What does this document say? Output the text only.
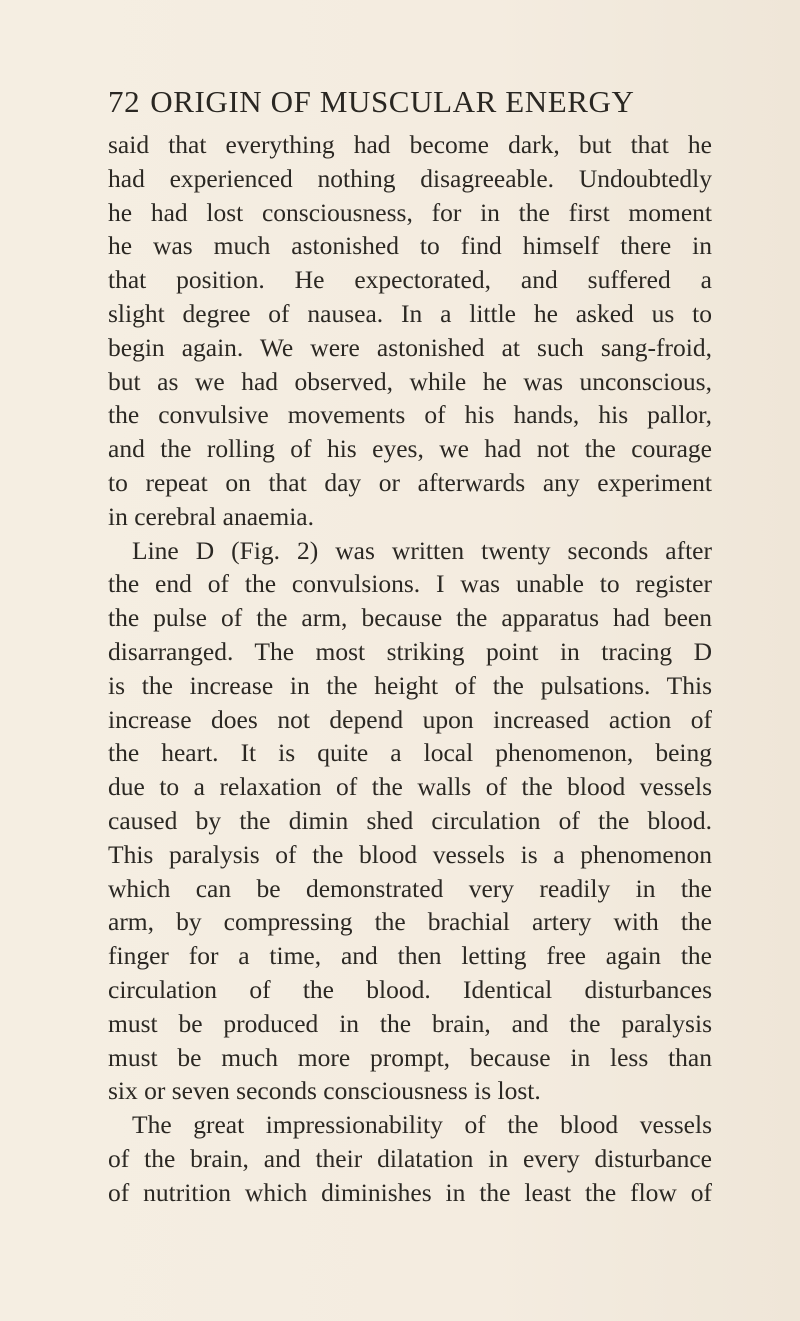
72 ORIGIN OF MUSCULAR ENERGY
said that everything had become dark, but that he
had experienced nothing disagreeable. Undoubtedly
he had lost consciousness, for in the first moment
he was much astonished to find himself there in
that position. He expectorated, and suffered a
slight degree of nausea. In a little he asked us to
begin again. We were astonished at such sang-froid,
but as we had observed, while he was unconscious,
the convulsive movements of his hands, his pallor,
and the rolling of his eyes, we had not the courage
to repeat on that day or afterwards any experiment
in cerebral anaemia.
Line D (Fig. 2) was written twenty seconds after
the end of the convulsions. I was unable to register
the pulse of the arm, because the apparatus had been
disarranged. The most striking point in tracing D
is the increase in the height of the pulsations. This
increase does not depend upon increased action of
the heart. It is quite a local phenomenon, being
due to a relaxation of the walls of the blood vessels
caused by the dimin shed circulation of the blood.
This paralysis of the blood vessels is a phenomenon
which can be demonstrated very readily in the
arm, by compressing the brachial artery with the
finger for a time, and then letting free again the
circulation of the blood. Identical disturbances
must be produced in the brain, and the paralysis
must be much more prompt, because in less than
six or seven seconds consciousness is lost.
The great impressionability of the blood vessels
of the brain, and their dilatation in every disturbance
of nutrition which diminishes in the least the flow of
